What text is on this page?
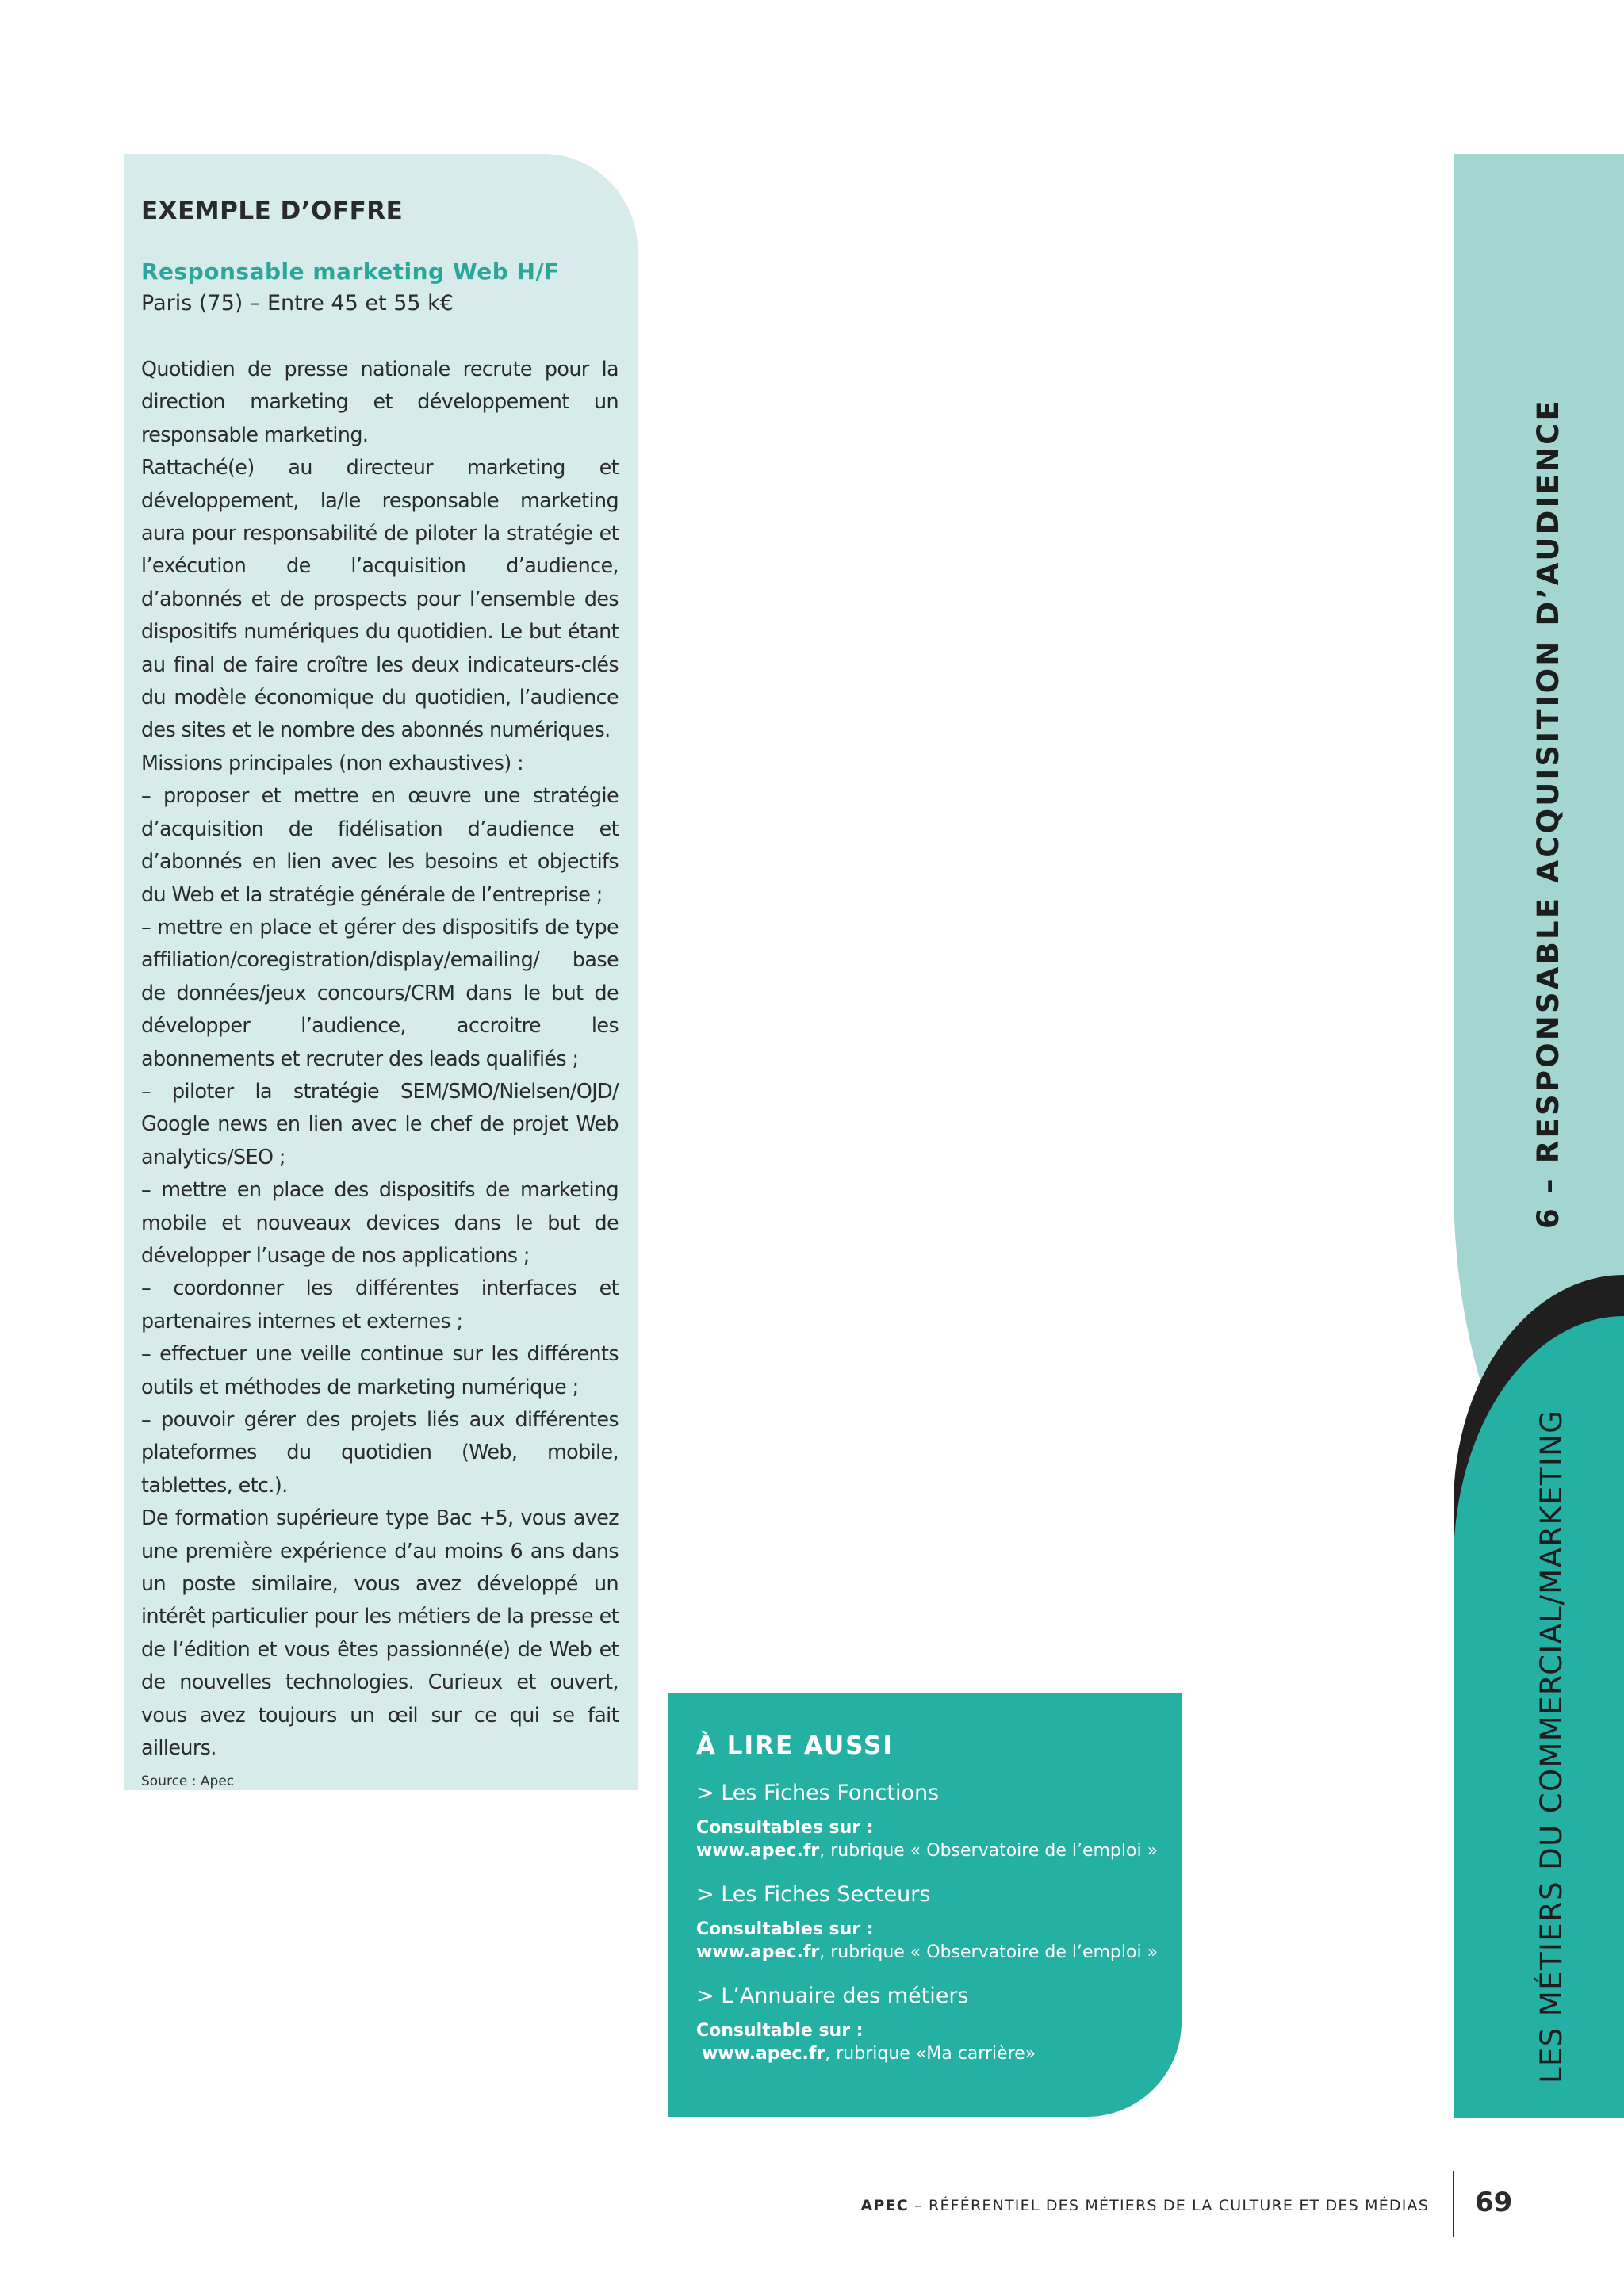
EXEMPLE D’OFFRE
Responsable marketing Web H/F
Paris (75) – Entre 45 et 55 k€

Quotidien de presse nationale recrute pour la direction marketing et développement un responsable marketing.

Rattaché(e) au directeur marketing et développement, la/le responsable marketing aura pour responsabilité de piloter la stratégie et l’exécution de l’acquisition d’audience, d’abonnés et de prospects pour l’ensemble des dispositifs numériques du quotidien. Le but étant au final de faire croître les deux indicateurs-clés du modèle économique du quotidien, l’audience des sites et le nombre des abonnés numériques.

Missions principales (non exhaustives) :

– proposer et mettre en œuvre une stratégie d’acquisition de fidélisation d’audience et d’abonnés en lien avec les besoins et objectifs du Web et la stratégie générale de l’entreprise ;

– mettre en place et gérer des dispositifs de type affiliation/coregistration/display/emailing/ base de données/jeux concours/CRM dans le but de développer l’audience, accroitre les abonnements et recruter des leads qualifiés ;

– piloter la stratégie SEM/SMO/Nielsen/OJD/ Google news en lien avec le chef de projet Web analytics/SEO ;

– mettre en place des dispositifs de marketing mobile et nouveaux devices dans le but de développer l’usage de nos applications ;

– coordonner les différentes interfaces et partenaires internes et externes ;

– effectuer une veille continue sur les différents outils et méthodes de marketing numérique ;

– pouvoir gérer des projets liés aux différentes plateformes du quotidien (Web, mobile, tablettes, etc.).

De formation supérieure type Bac +5, vous avez une première expérience d’au moins 6 ans dans un poste similaire, vous avez développé un intérêt particulier pour les métiers de la presse et de l’édition et vous êtes passionné(e) de Web et de nouvelles technologies. Curieux et ouvert, vous avez toujours un œil sur ce qui se fait ailleurs.

Source : Apec
À LIRE AUSSI
> Les Fiches Fonctions
Consultables sur :
www.apec.fr, rubrique « Observatoire de l’emploi »
> Les Fiches Secteurs
Consultables sur :
www.apec.fr, rubrique « Observatoire de l’emploi »
> L’Annuaire des métiers
Consultable sur :
www.apec.fr, rubrique «Ma carrière»
6 – RESPONSABLE ACQUISITION D’AUDIENCE
LES MÉTIERS DU COMMERCIAL/MARKETING
APEC – RÉFÉRENTIEL DES MÉTIERS DE LA CULTURE ET DES MÉDIAS 69
